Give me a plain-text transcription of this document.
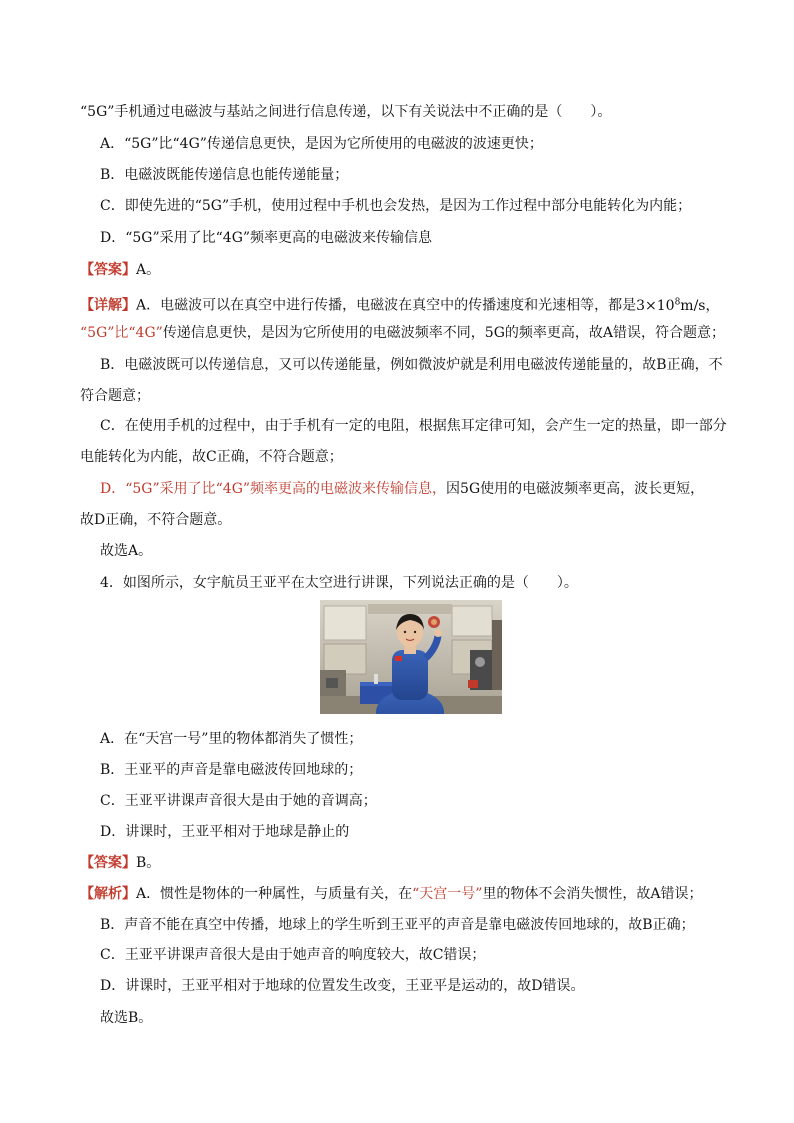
“5G”手机通过电磁波与基站之间进行信息传递，以下有关说法中不正确的是（　　）。
A．“5G”比“4G”传递信息更快，是因为它所使用的电磁波的波速更快；
B．电磁波既能传递信息也能传递能量；
C．即使先进的“5G”手机，使用过程中手机也会发热，是因为工作过程中部分电能转化为内能；
D．“5G”采用了比“4G”频率更高的电磁波来传输信息
【答案】A。
【详解】A．电磁波可以在真空中进行传播，电磁波在真空中的传播速度和光速相等，都是$3\times 10^8m/s$，
“5G”比“4G”传递信息更快，是因为它所使用的电磁波频率不同，5G的频率更高，故A错误，符合题意；
B．电磁波既可以传递信息，又可以传递能量，例如微波炉就是利用电磁波传递能量的，故B正确，不
符合题意；
C．在使用手机的过程中，由于手机有一定的电阻，根据焦耳定律可知，会产生一定的热量，即一部分
电能转化为内能，故C正确，不符合题意；
D．“5G”采用了比“4G”频率更高的电磁波来传输信息，因5G使用的电磁波频率更高，波长更短，
故D正确，不符合题意。
故选A。
4．如图所示，女宇航员王亚平在太空进行讲课，下列说法正确的是（　　）。
A．在“天宫一号”里的物体都消失了惯性；
B．王亚平的声音是靠电磁波传回地球的；
C．王亚平讲课声音很大是由于她的音调高；
D．讲课时，王亚平相对于地球是静止的
【答案】B。
【解析】A．惯性是物体的一种属性，与质量有关，在“天宫一号”里的物体不会消失惯性，故A错误；
B．声音不能在真空中传播，地球上的学生听到王亚平的声音是靠电磁波传回地球的，故B正确；
C．王亚平讲课声音很大是由于她声音的响度较大，故C错误；
D．讲课时，王亚平相对于地球的位置发生改变，王亚平是运动的，故D错误。
故选B。
